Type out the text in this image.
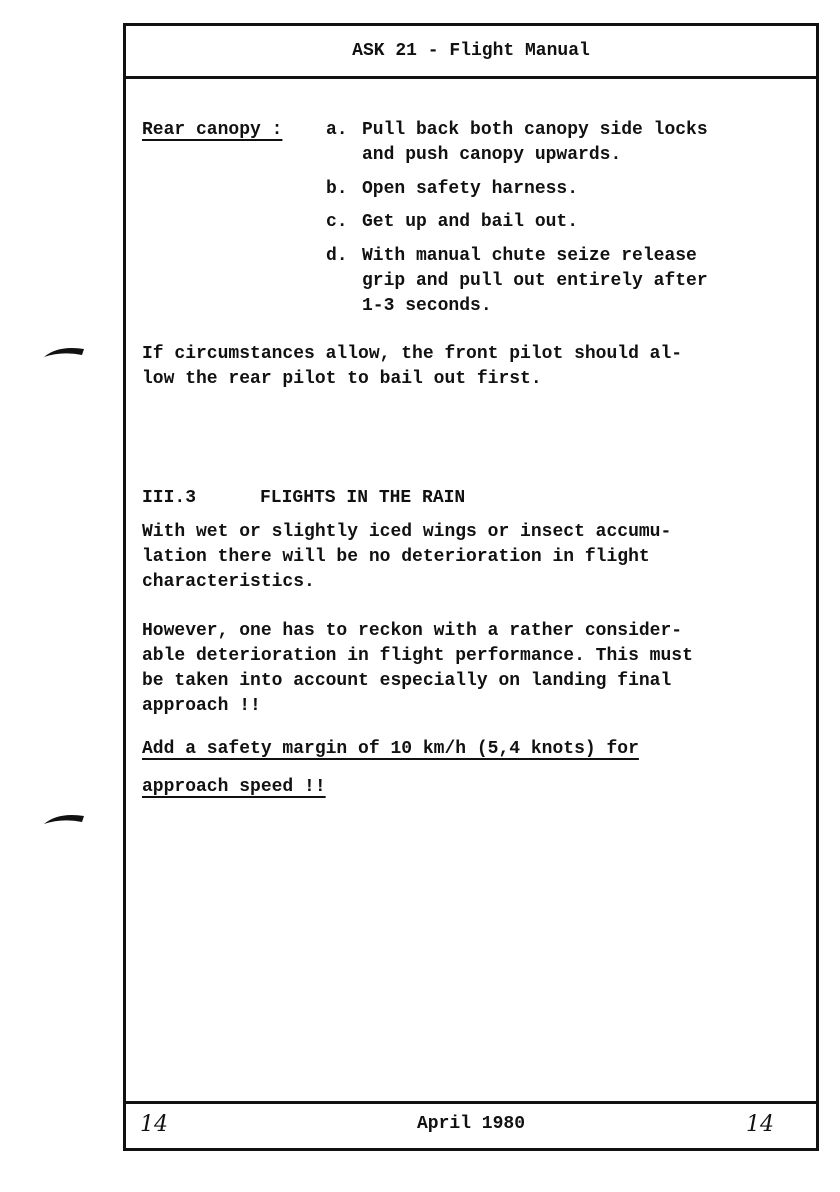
ASK 21 - Flight Manual
Rear canopy : a. Pull back both canopy side locks
and push canopy upwards.
b. Open safety harness.
c. Get up and bail out.
d. With manual chute seize release
grip and pull out entirely after
1-3 seconds.
If circumstances allow, the front pilot should al-
low the rear pilot to bail out first.
III.3	FLIGHTS IN THE RAIN
With wet or slightly iced wings or insect accumu-
lation there will be no deterioration in flight
characteristics.
However, one has to reckon with a rather consider-
able deterioration in flight performance. This must
be taken into account especially on landing final
approach !!
Add a safety margin of 10 km/h (5,4 knots) for
approach speed !!
14	April 1980	14
